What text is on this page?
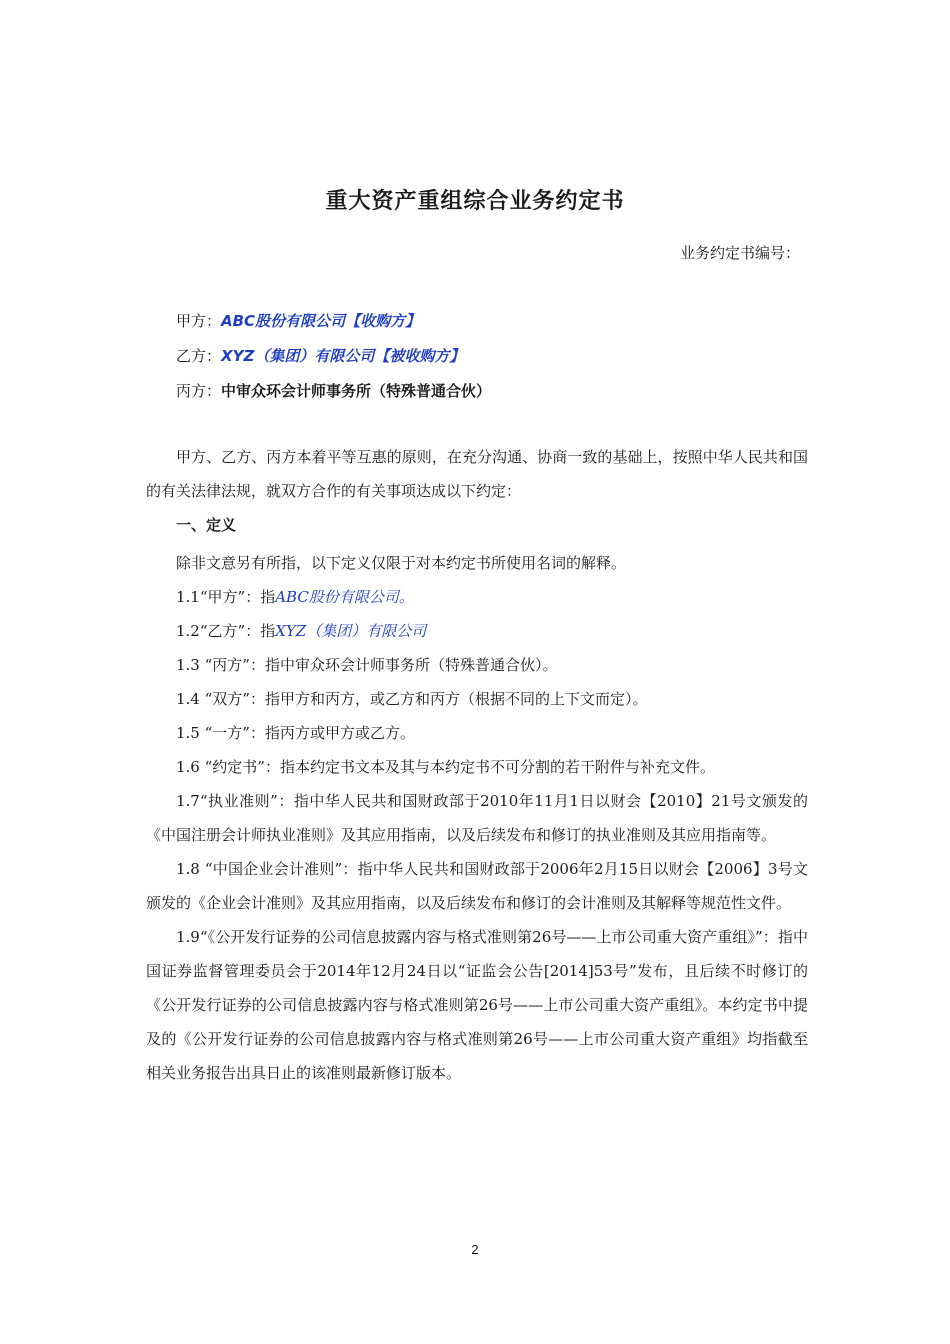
重大资产重组综合业务约定书
业务约定书编号：
甲方：ABC股份有限公司【收购方】
乙方：XYZ（集团）有限公司【被收购方】
丙方：中审众环会计师事务所（特殊普通合伙）

甲方、乙方、丙方本着平等互惠的原则，在充分沟通、协商一致的基础上，按照中华人民共和国的有关法律法规，就双方合作的有关事项达成以下约定：

一、定义

除非文意另有所指，以下定义仅限于对本约定书所使用名词的解释。

1.1“甲方”：指ABC股份有限公司。

1.2“乙方”：指XYZ（集团）有限公司

1.3 “丙方”：指中审众环会计师事务所（特殊普通合伙）。

1.4 “双方”：指甲方和丙方，或乙方和丙方（根据不同的上下文而定）。

1.5 “一方”：指丙方或甲方或乙方。

1.6 “约定书”：指本约定书文本及其与本约定书不可分割的若干附件与补充文件。

1.7“执业准则”：指中华人民共和国财政部于2010年11月1日以财会【2010】21号文颁发的《中国注册会计师执业准则》及其应用指南，以及后续发布和修订的执业准则及其应用指南等。

1.8 “中国企业会计准则”：指中华人民共和国财政部于2006年2月15日以财会【2006】3号文颁发的《企业会计准则》及其应用指南，以及后续发布和修订的会计准则及其解释等规范性文件。

1.9“《公开发行证券的公司信息披露内容与格式准则第26号——上市公司重大资产重组》”：指中国证券监督管理委员会于2014年12月24日以“证监会公告[2014]53号”发布，且后续不时修订的《公开发行证券的公司信息披露内容与格式准则第26号——上市公司重大资产重组》。本约定书中提及的《公开发行证券的公司信息披露内容与格式准则第26号——上市公司重大资产重组》均指截至相关业务报告出具日止的该准则最新修订版本。

2
